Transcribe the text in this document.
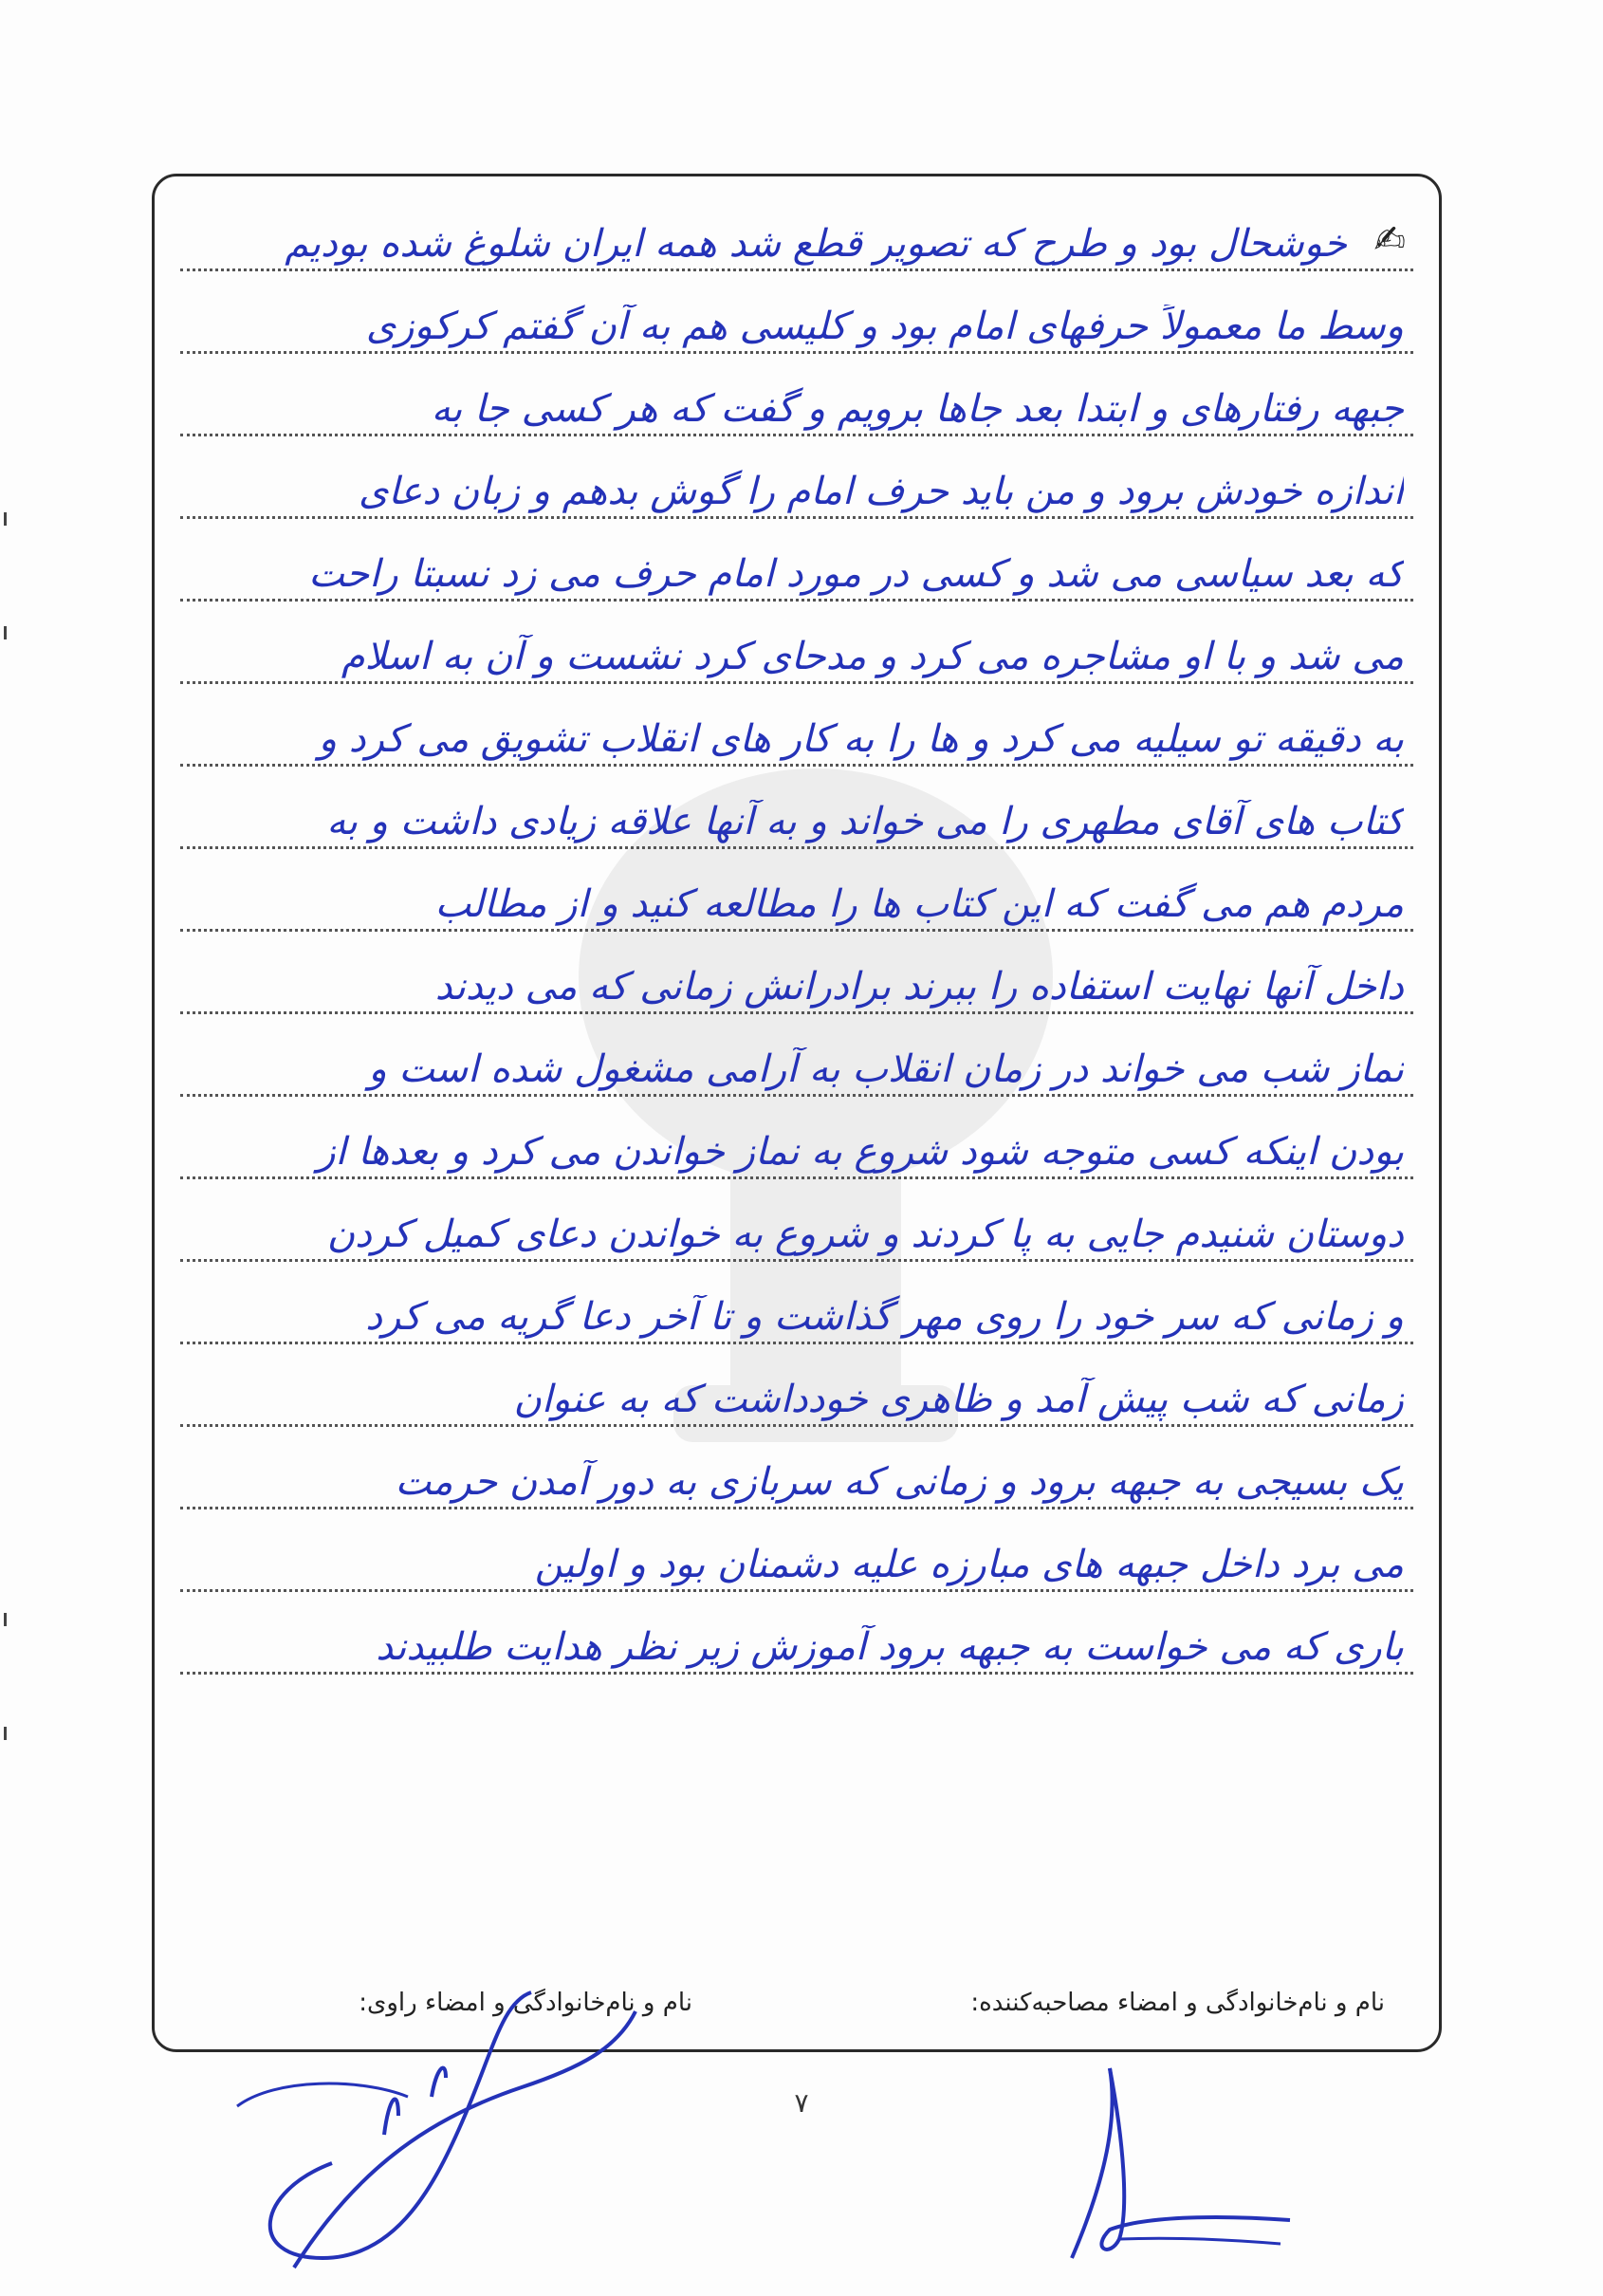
خوشحال بود و طرح که تصویر قطع شد همه ایران شلوغ شده بودیم ✍
وسط ما معمولاً حرفهای امام بود و کلیسی هم به آن گفتم کرکوزی
جبهه رفتارهای و ابتدا بعد جاها برویم و گفت که هر کسی جا به
اندازه خودش برود و من باید حرف امام را گوش بدهم و زبان دعای
که بعد سیاسی می شد و کسی در مورد امام حرف می زد نسبتا راحت
می شد و با او مشاجره می کرد و مدحای کرد نشست و آن به اسلام
به دقیقه تو سیلیه می کرد و ها را به کار های انقلاب تشویق می کرد و
کتاب های آقای مطهری را می خواند و به آنها علاقه زیادی داشت و به
مردم هم می گفت که این کتاب ها را مطالعه کنید و از مطالب
داخل آنها نهایت استفاده را ببرند برادرانش زمانی که می دیدند
نماز شب می خواند در زمان انقلاب به آرامی مشغول شده است و
بودن اینکه کسی متوجه شود شروع به نماز خواندن می کرد و بعدها از
دوستان شنیدم جایی به پا کردند و شروع به خواندن دعای کمیل کردن
و زمانی که سر خود را روی مهر گذاشت و تا آخر دعا گریه می کرد
زمانی که شب پیش آمد و ظاهری خودداشت که به عنوان
یک بسیجی به جبهه برود و زمانی که سربازی به دور آمدن حرمت
می برد داخل جبهه های مبارزه علیه دشمنان بود و اولین
باری که می خواست به جبهه برود آموزش زیر نظر هدایت طلبیدند
نام و نام‌خانوادگی و امضاء مصاحبه‌کننده:
نام و نام‌خانوادگی و امضاء راوی:
۷
